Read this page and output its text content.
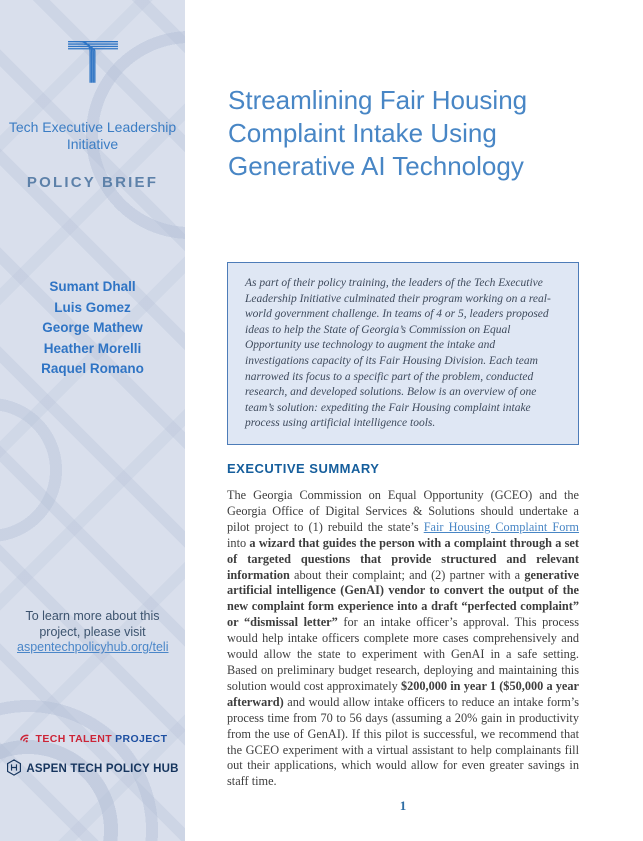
Tech Executive Leadership Initiative
POLICY BRIEF
Sumant Dhall
Luis Gomez
George Mathew
Heather Morelli
Raquel Romano
To learn more about this project, please visit
aspentechpolicyhub.org/teli
TECH TALENT PROJECT
ASPEN TECH POLICY HUB
Streamlining Fair Housing Complaint Intake Using Generative AI Technology

As part of their policy training, the leaders of the Tech Executive Leadership Initiative culminated their program working on a real-world government challenge. In teams of 4 or 5, leaders proposed ideas to help the State of Georgia’s Commission on Equal Opportunity use technology to augment the intake and investigations capacity of its Fair Housing Division. Each team narrowed its focus to a specific part of the problem, conducted research, and developed solutions. Below is an overview of one team’s solution: expediting the Fair Housing complaint intake process using artificial intelligence tools.

EXECUTIVE SUMMARY

The Georgia Commission on Equal Opportunity (GCEO) and the Georgia Office of Digital Services & Solutions should undertake a pilot project to (1) rebuild the state’s Fair Housing Complaint Form into a wizard that guides the person with a complaint through a set of targeted questions that provide structured and relevant information about their complaint; and (2) partner with a generative artificial intelligence (GenAI) vendor to convert the output of the new complaint form experience into a draft “perfected complaint” or “dismissal letter” for an intake officer’s approval. This process would help intake officers complete more cases comprehensively and would allow the state to experiment with GenAI in a safe setting. Based on preliminary budget research, deploying and maintaining this solution would cost approximately $200,000 in year 1 ($50,000 a year afterward) and would allow intake officers to reduce an intake form’s process time from 70 to 56 days (assuming a 20% gain in productivity from the use of GenAI). If this pilot is successful, we recommend that the GCEO experiment with a virtual assistant to help complainants fill out their applications, which would allow for even greater savings in staff time.

1
